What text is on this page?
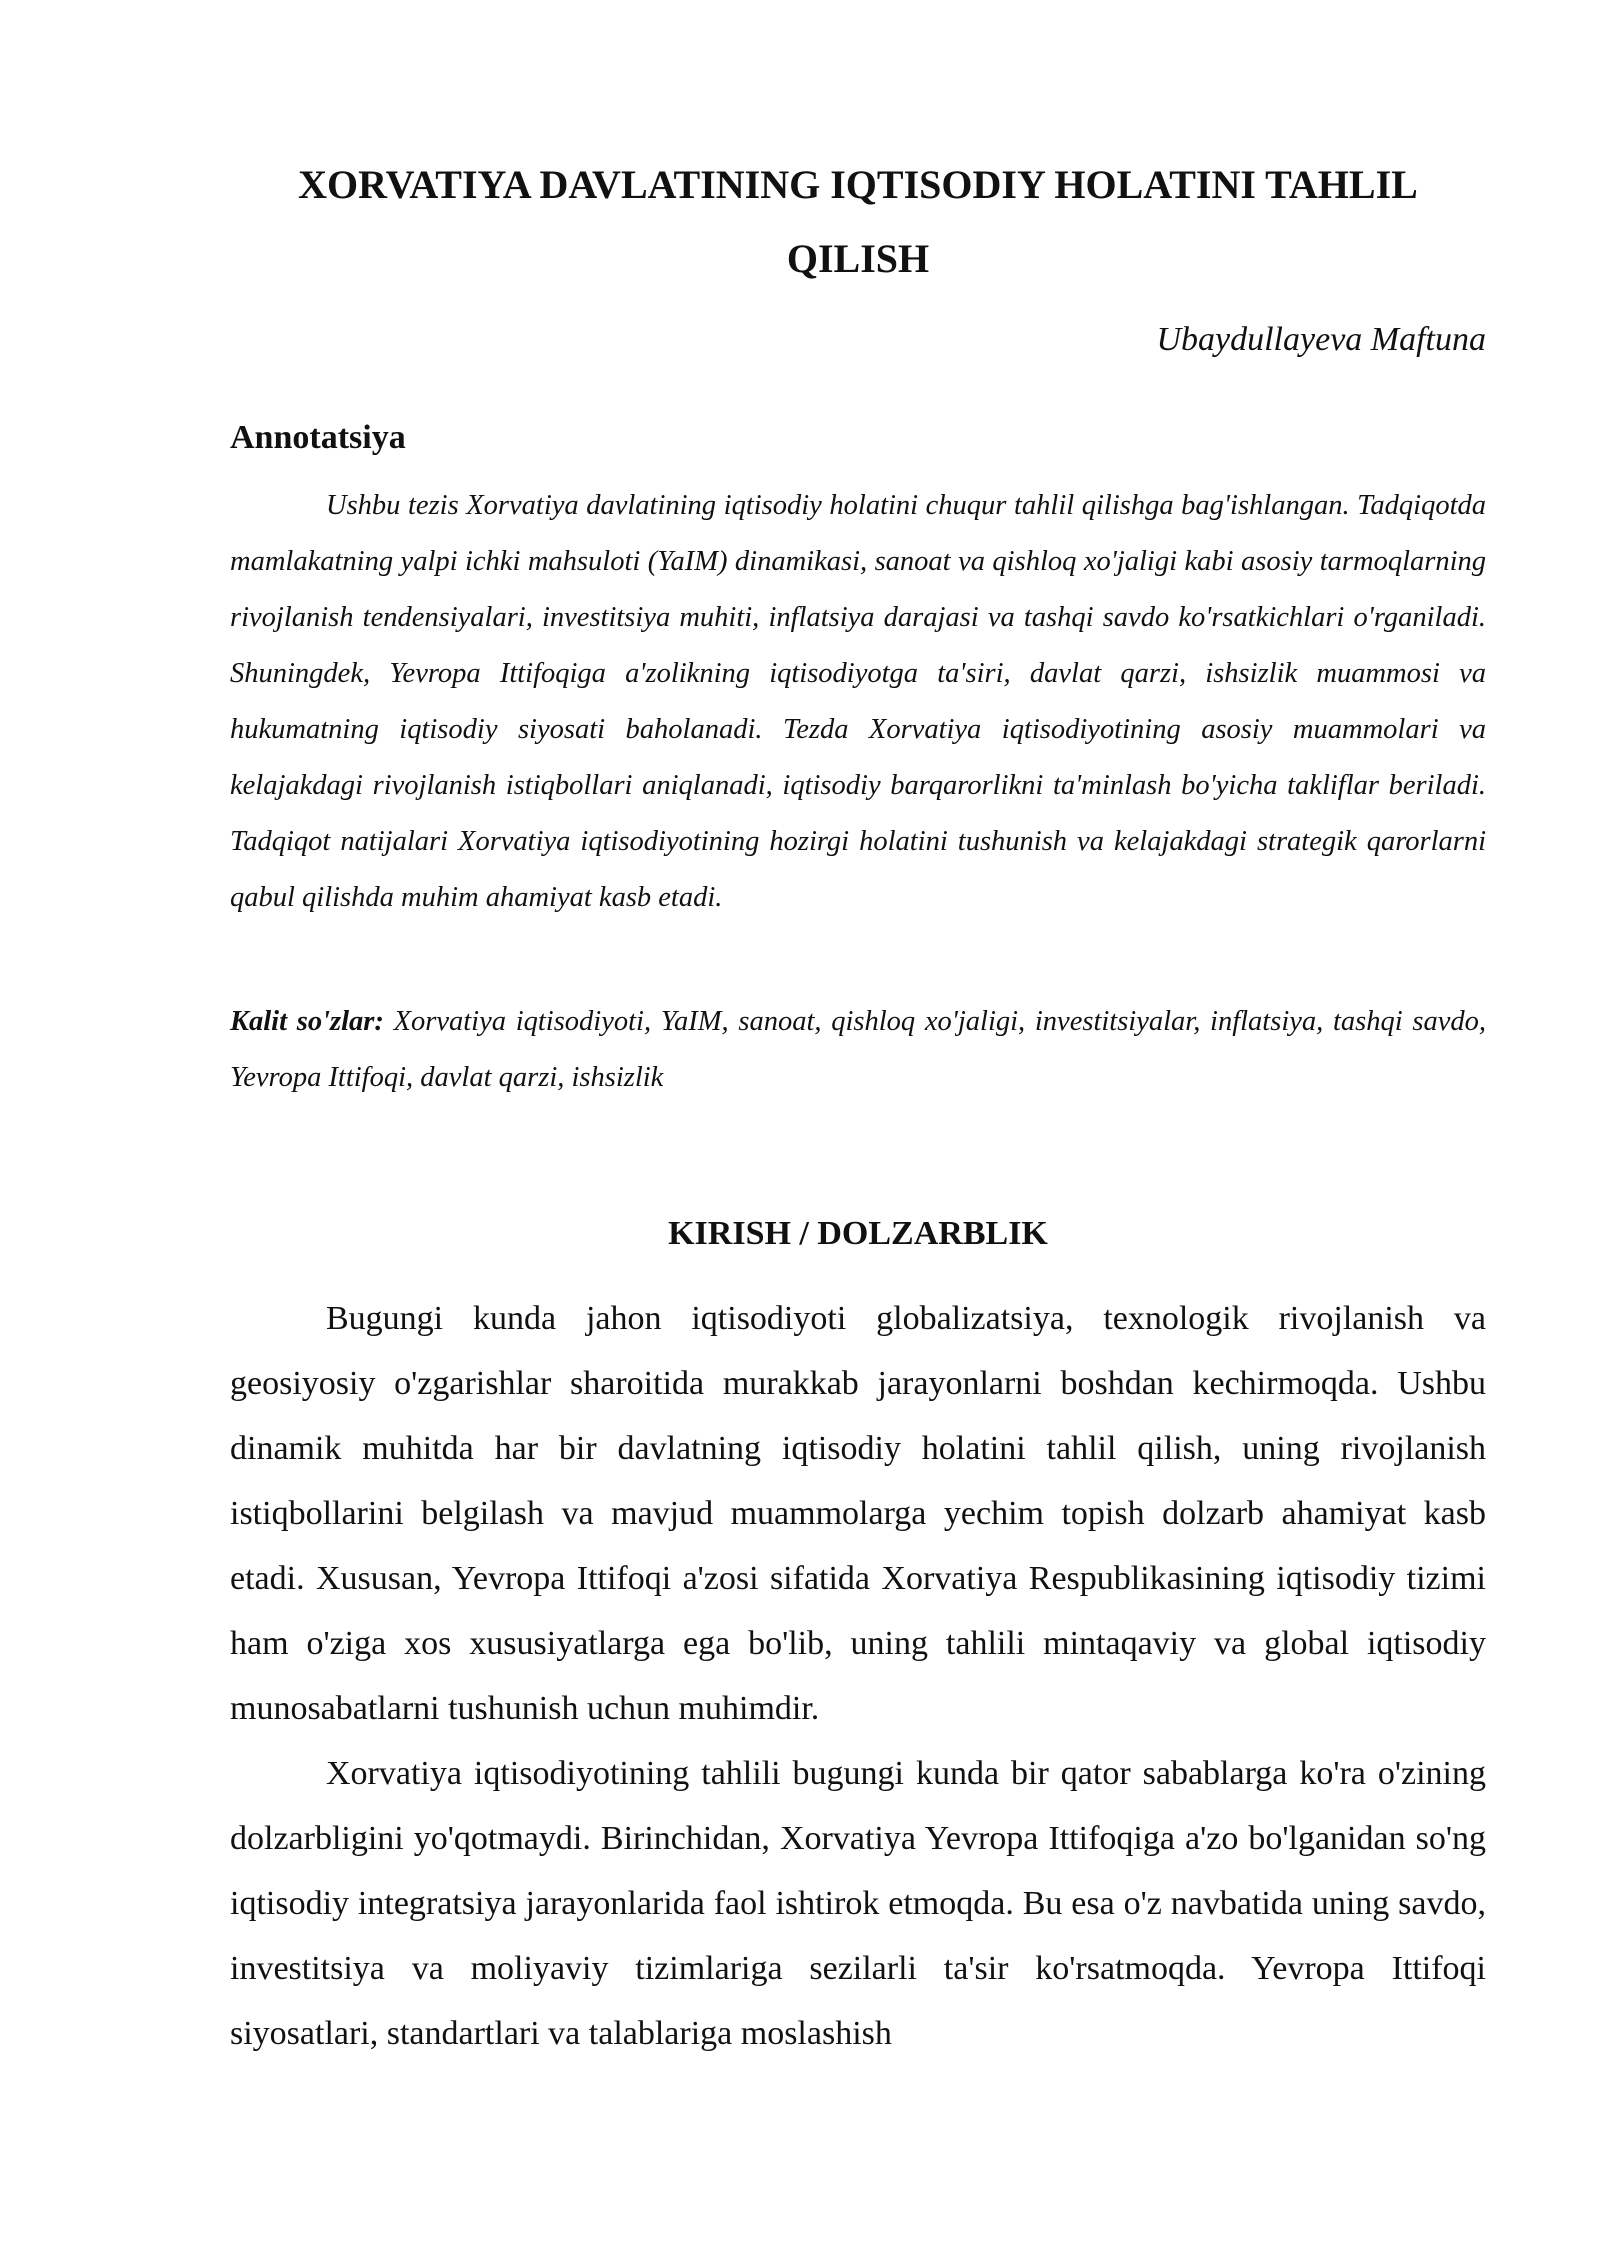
XORVATIYA DAVLATINING IQTISODIY HOLATINI TAHLIL QILISH
Ubaydullayeva Maftuna
Annotatsiya

Ushbu tezis Xorvatiya davlatining iqtisodiy holatini chuqur tahlil qilishga bag'ishlangan. Tadqiqotda mamlakatning yalpi ichki mahsuloti (YaIM) dinamikasi, sanoat va qishloq xo'jaligi kabi asosiy tarmoqlarning rivojlanish tendensiyalari, investitsiya muhiti, inflatsiya darajasi va tashqi savdo ko'rsatkichlari o'rganiladi. Shuningdek, Yevropa Ittifoqiga a'zolikning iqtisodiyotga ta'siri, davlat qarzi, ishsizlik muammosi va hukumatning iqtisodiy siyosati baholanadi. Tezda Xorvatiya iqtisodiyotining asosiy muammolari va kelajakdagi rivojlanish istiqbollari aniqlanadi, iqtisodiy barqarorlikni ta'minlash bo'yicha takliflar beriladi. Tadqiqot natijalari Xorvatiya iqtisodiyotining hozirgi holatini tushunish va kelajakdagi strategik qarorlarni qabul qilishda muhim ahamiyat kasb etadi.

Kalit so'zlar: Xorvatiya iqtisodiyoti, YaIM, sanoat, qishloq xo'jaligi, investitsiyalar, inflatsiya, tashqi savdo, Yevropa Ittifoqi, davlat qarzi, ishsizlik

KIRISH / DOLZARBLIK

Bugungi kunda jahon iqtisodiyoti globalizatsiya, texnologik rivojlanish va geosiyosiy o'zgarishlar sharoitida murakkab jarayonlarni boshdan kechirmoqda. Ushbu dinamik muhitda har bir davlatning iqtisodiy holatini tahlil qilish, uning rivojlanish istiqbollarini belgilash va mavjud muammolarga yechim topish dolzarb ahamiyat kasb etadi. Xususan, Yevropa Ittifoqi a'zosi sifatida Xorvatiya Respublikasining iqtisodiy tizimi ham o'ziga xos xususiyatlarga ega bo'lib, uning tahlili mintaqaviy va global iqtisodiy munosabatlarni tushunish uchun muhimdir.

Xorvatiya iqtisodiyotining tahlili bugungi kunda bir qator sabablarga ko'ra o'zining dolzarbligini yo'qotmaydi. Birinchidan, Xorvatiya Yevropa Ittifoqiga a'zo bo'lganidan so'ng iqtisodiy integratsiya jarayonlarida faol ishtirok etmoqda. Bu esa o'z navbatida uning savdo, investitsiya va moliyaviy tizimlariga sezilarli ta'sir ko'rsatmoqda. Yevropa Ittifoqi siyosatlari, standartlari va talablariga moslashish
